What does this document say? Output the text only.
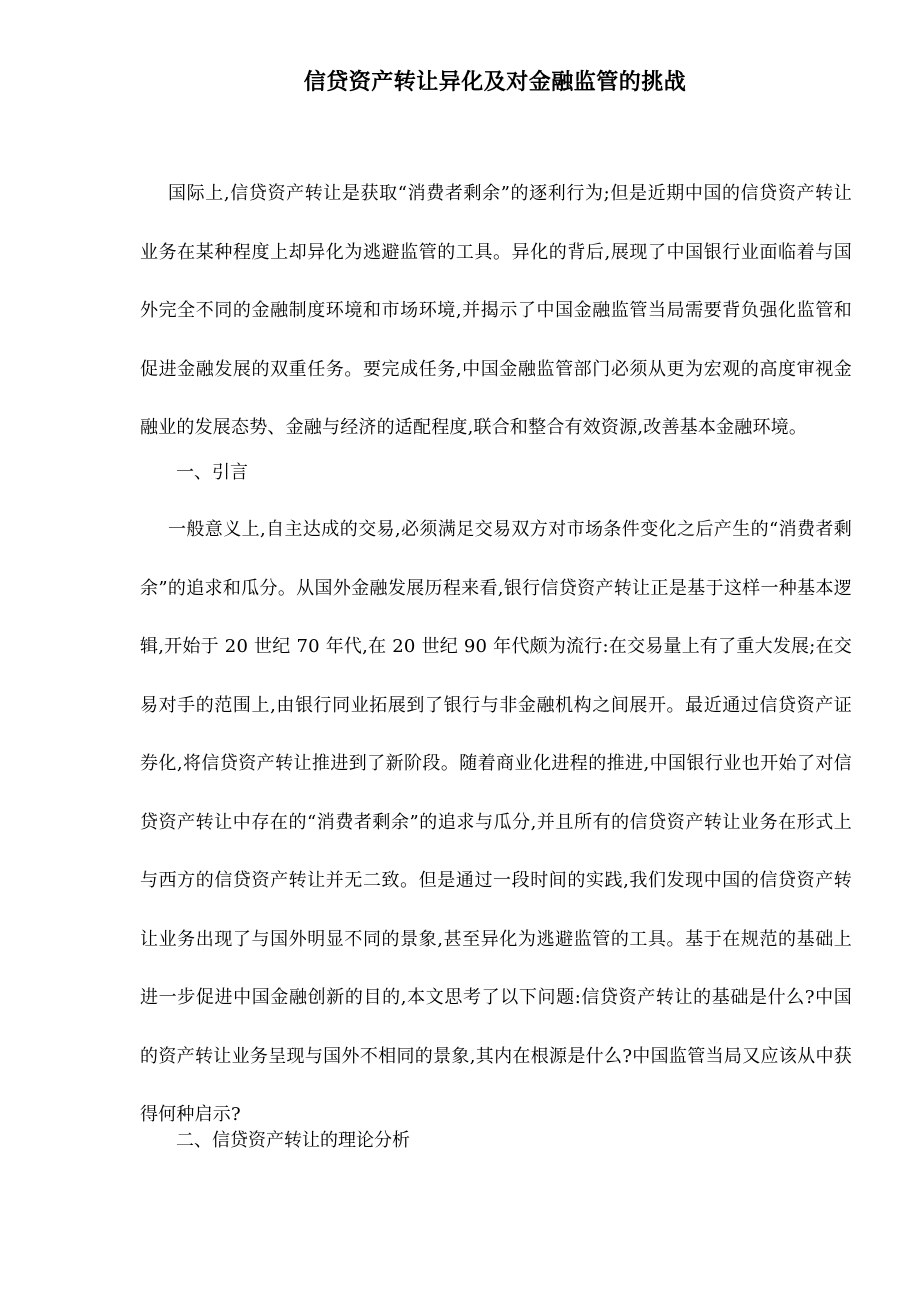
信贷资产转让异化及对金融监管的挑战
国际上,信贷资产转让是获取“消费者剩余”的逐利行为;但是近期中国的信贷资产转让业务在某种程度上却异化为逃避监管的工具。异化的背后,展现了中国银行业面临着与国外完全不同的金融制度环境和市场环境,并揭示了中国金融监管当局需要背负强化监管和促进金融发展的双重任务。要完成任务,中国金融监管部门必须从更为宏观的高度审视金融业的发展态势、金融与经济的适配程度,联合和整合有效资源,改善基本金融环境。
一、引言
一般意义上,自主达成的交易,必须满足交易双方对市场条件变化之后产生的“消费者剩余”的追求和瓜分。从国外金融发展历程来看,银行信贷资产转让正是基于这样一种基本逻辑,开始于 20 世纪 70 年代,在 20 世纪 90 年代颇为流行:在交易量上有了重大发展;在交易对手的范围上,由银行同业拓展到了银行与非金融机构之间展开。最近通过信贷资产证券化,将信贷资产转让推进到了新阶段。随着商业化进程的推进,中国银行业也开始了对信贷资产转让中存在的“消费者剩余”的追求与瓜分,并且所有的信贷资产转让业务在形式上与西方的信贷资产转让并无二致。但是通过一段时间的实践,我们发现中国的信贷资产转让业务出现了与国外明显不同的景象,甚至异化为逃避监管的工具。基于在规范的基础上进一步促进中国金融创新的目的,本文思考了以下问题:信贷资产转让的基础是什么?中国的资产转让业务呈现与国外不相同的景象,其内在根源是什么?中国监管当局又应该从中获得何种启示?
二、信贷资产转让的理论分析
